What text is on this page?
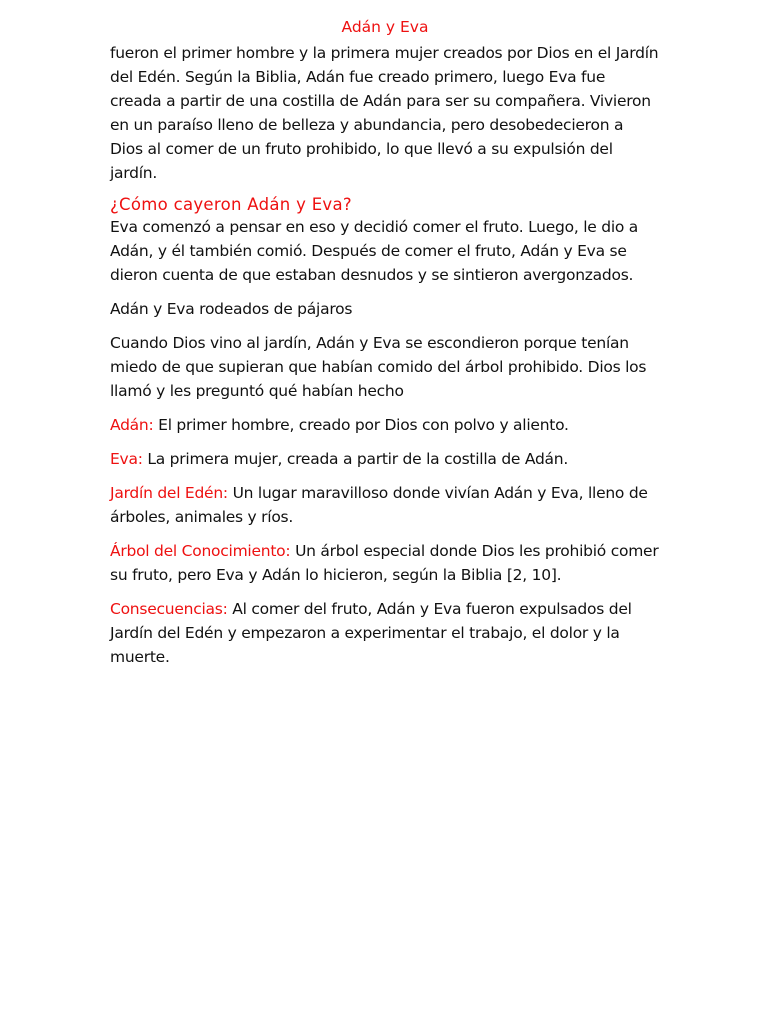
Adán y Eva

fueron el primer hombre y la primera mujer creados por Dios en el Jardín del Edén. Según la Biblia, Adán fue creado primero, luego Eva fue creada a partir de una costilla de Adán para ser su compañera. Vivieron en un paraíso lleno de belleza y abundancia, pero desobedecieron a Dios al comer de un fruto prohibido, lo que llevó a su expulsión del jardín.

¿Cómo cayeron Adán y Eva?

Eva comenzó a pensar en eso y decidió comer el fruto. Luego, le dio a Adán, y él también comió. Después de comer el fruto, Adán y Eva se dieron cuenta de que estaban desnudos y se sintieron avergonzados.

Adán y Eva rodeados de pájaros

Cuando Dios vino al jardín, Adán y Eva se escondieron porque tenían miedo de que supieran que habían comido del árbol prohibido. Dios los llamó y les preguntó qué habían hecho

Adán: El primer hombre, creado por Dios con polvo y aliento.

Eva: La primera mujer, creada a partir de la costilla de Adán.

Jardín del Edén: Un lugar maravilloso donde vivían Adán y Eva, lleno de árboles, animales y ríos.

Árbol del Conocimiento: Un árbol especial donde Dios les prohibió comer su fruto, pero Eva y Adán lo hicieron, según la Biblia [2, 10].

Consecuencias: Al comer del fruto, Adán y Eva fueron expulsados del Jardín del Edén y empezaron a experimentar el trabajo, el dolor y la muerte.
